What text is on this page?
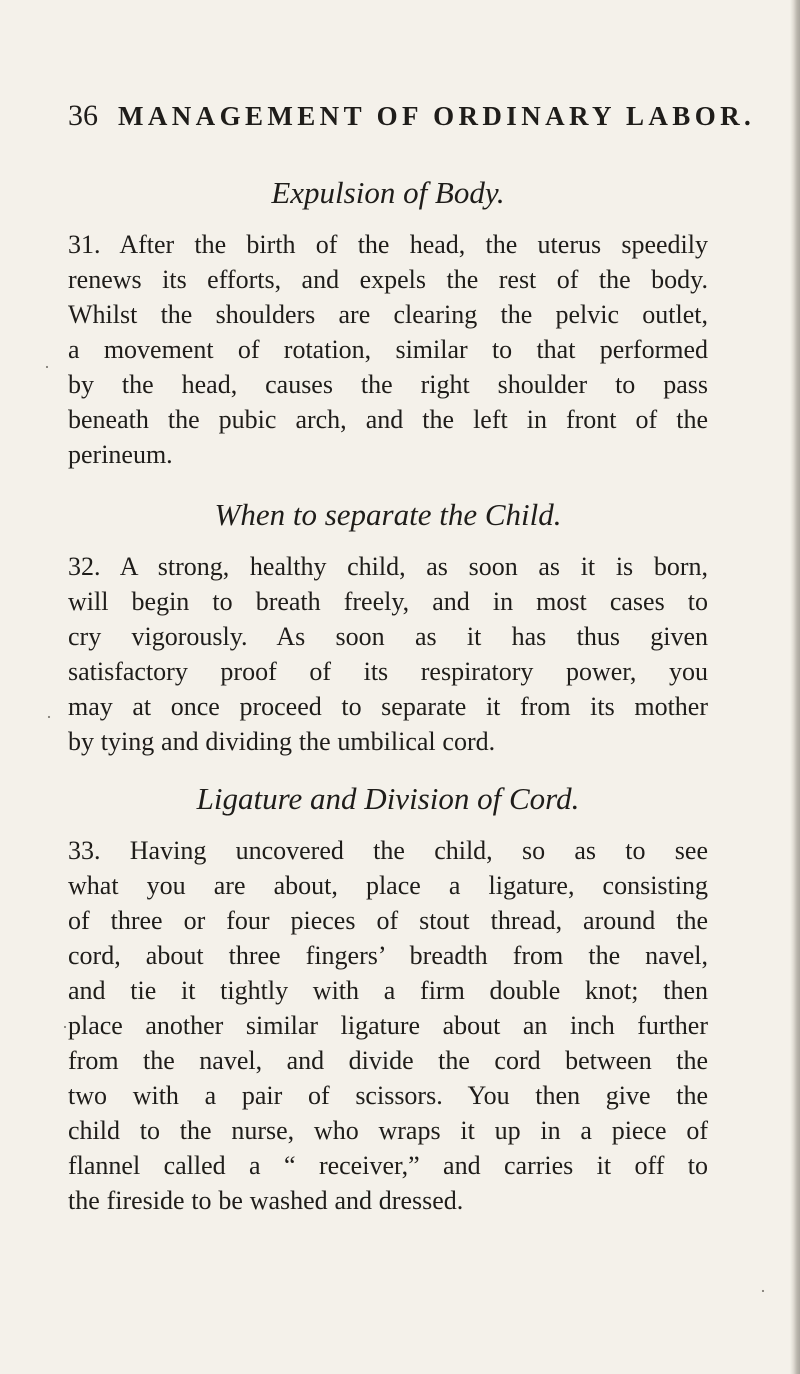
36 MANAGEMENT OF ORDINARY LABOR.
Expulsion of Body.
31. After the birth of the head, the uterus speedily
renews its efforts, and expels the rest of the body.
Whilst the shoulders are clearing the pelvic outlet,
a movement of rotation, similar to that performed
by the head, causes the right shoulder to pass
beneath the pubic arch, and the left in front of the
perineum.
When to separate the Child.
32. A strong, healthy child, as soon as it is born,
will begin to breath freely, and in most cases to
cry vigorously. As soon as it has thus given
satisfactory proof of its respiratory power, you
may at once proceed to separate it from its mother
by tying and dividing the umbilical cord.
Ligature and Division of Cord.
33. Having uncovered the child, so as to see
what you are about, place a ligature, consisting
of three or four pieces of stout thread, around the
cord, about three fingers’ breadth from the navel,
and tie it tightly with a firm double knot; then
place another similar ligature about an inch further
from the navel, and divide the cord between the
two with a pair of scissors. You then give the
child to the nurse, who wraps it up in a piece of
flannel called a “ receiver,” and carries it off to
the fireside to be washed and dressed.
·
·
·
·
